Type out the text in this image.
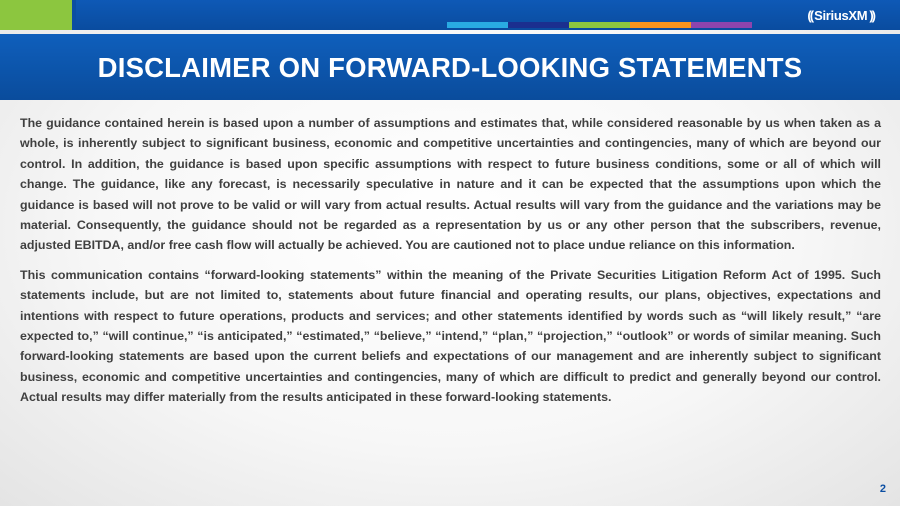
(( SiriusXM ))
DISCLAIMER ON FORWARD-LOOKING STATEMENTS

The guidance contained herein is based upon a number of assumptions and estimates that, while considered reasonable by us when taken as a whole, is inherently subject to significant business, economic and competitive uncertainties and contingencies, many of which are beyond our control. In addition, the guidance is based upon specific assumptions with respect to future business conditions, some or all of which will change. The guidance, like any forecast, is necessarily speculative in nature and it can be expected that the assumptions upon which the guidance is based will not prove to be valid or will vary from actual results. Actual results will vary from the guidance and the variations may be material. Consequently, the guidance should not be regarded as a representation by us or any other person that the subscribers, revenue, adjusted EBITDA, and/or free cash flow will actually be achieved. You are cautioned not to place undue reliance on this information.

This communication contains “forward-looking statements” within the meaning of the Private Securities Litigation Reform Act of 1995. Such statements include, but are not limited to, statements about future financial and operating results, our plans, objectives, expectations and intentions with respect to future operations, products and services; and other statements identified by words such as “will likely result,” “are expected to,” “will continue,” “is anticipated,” “estimated,” “believe,” “intend,” “plan,” “projection,” “outlook” or words of similar meaning. Such forward-looking statements are based upon the current beliefs and expectations of our management and are inherently subject to significant business, economic and competitive uncertainties and contingencies, many of which are difficult to predict and generally beyond our control. Actual results may differ materially from the results anticipated in these forward-looking statements.

2
